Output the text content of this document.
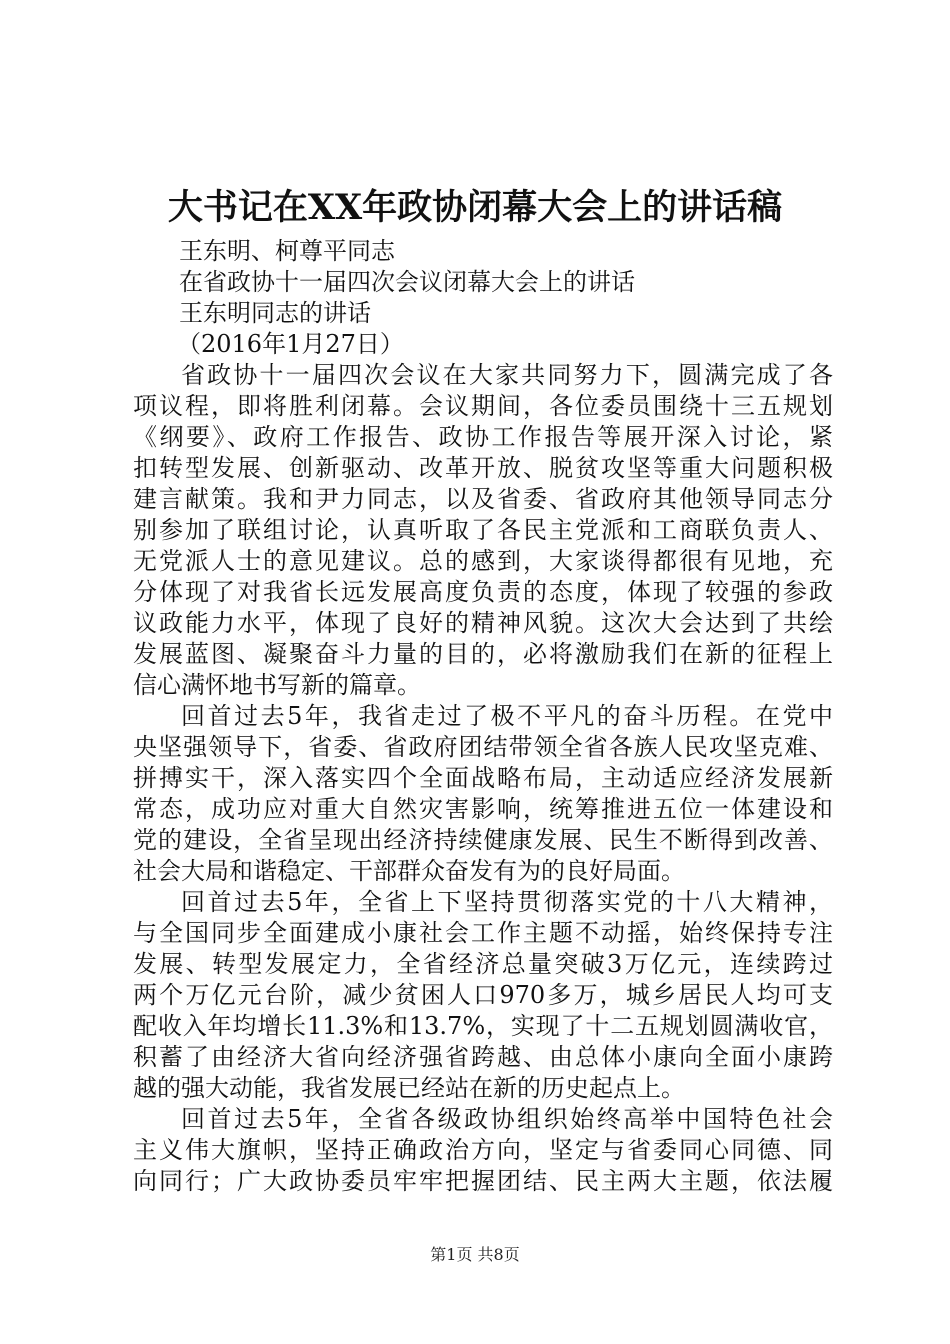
大书记在XX年政协闭幕大会上的讲话稿
王东明、柯尊平同志
在省政协十一届四次会议闭幕大会上的讲话
王东明同志的讲话
（2016年1月27日）
省政协十一届四次会议在大家共同努力下，圆满完成了各
项议程，即将胜利闭幕。会议期间，各位委员围绕十三五规划
《纲要》、政府工作报告、政协工作报告等展开深入讨论，紧
扣转型发展、创新驱动、改革开放、脱贫攻坚等重大问题积极
建言献策。我和尹力同志，以及省委、省政府其他领导同志分
别参加了联组讨论，认真听取了各民主党派和工商联负责人、
无党派人士的意见建议。总的感到，大家谈得都很有见地，充
分体现了对我省长远发展高度负责的态度，体现了较强的参政
议政能力水平，体现了良好的精神风貌。这次大会达到了共绘
发展蓝图、凝聚奋斗力量的目的，必将激励我们在新的征程上
信心满怀地书写新的篇章。
回首过去5年，我省走过了极不平凡的奋斗历程。在党中
央坚强领导下，省委、省政府团结带领全省各族人民攻坚克难、
拼搏实干，深入落实四个全面战略布局，主动适应经济发展新
常态，成功应对重大自然灾害影响，统筹推进五位一体建设和
党的建设，全省呈现出经济持续健康发展、民生不断得到改善、
社会大局和谐稳定、干部群众奋发有为的良好局面。
回首过去5年，全省上下坚持贯彻落实党的十八大精神，
与全国同步全面建成小康社会工作主题不动摇，始终保持专注
发展、转型发展定力，全省经济总量突破3万亿元，连续跨过
两个万亿元台阶，减少贫困人口970多万，城乡居民人均可支
配收入年均增长11.3%和13.7%，实现了十二五规划圆满收官，
积蓄了由经济大省向经济强省跨越、由总体小康向全面小康跨
越的强大动能，我省发展已经站在新的历史起点上。
回首过去5年，全省各级政协组织始终高举中国特色社会
主义伟大旗帜，坚持正确政治方向，坚定与省委同心同德、同
向同行；广大政协委员牢牢把握团结、民主两大主题，依法履
第1页 共8页
